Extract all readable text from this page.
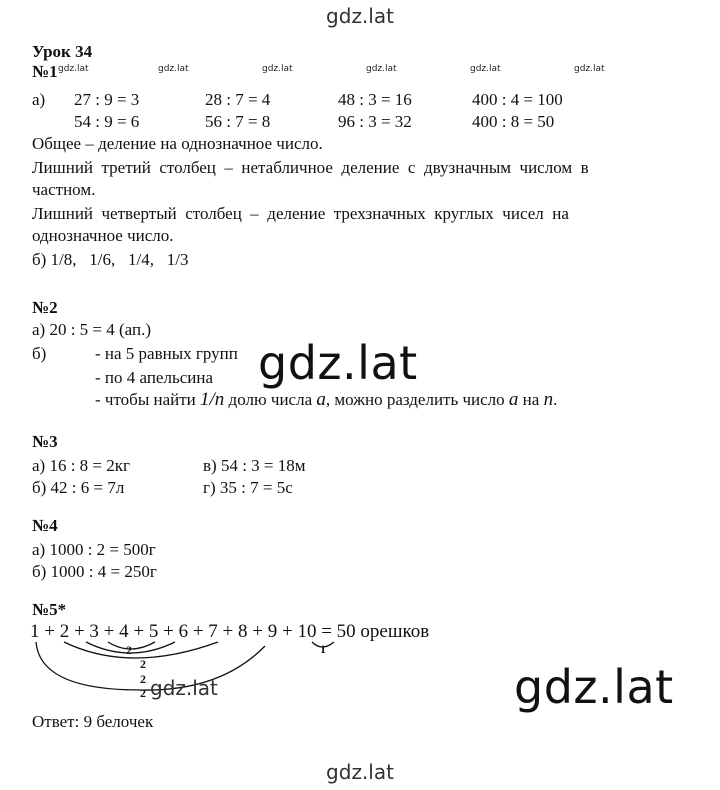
gdz.lat
gdz.lat	gdz.lat	gdz.lat	gdz.lat	gdz.lat	gdz.lat
Урок 34
№1
а) 27 : 9 = 3	28 : 7 = 4	48 : 3 = 16	400 : 4 = 100
54 : 9 = 6	56 : 7 = 8	96 : 3 = 32	400 : 8 = 50
Общее – деление на однозначное число.
Лишний  третий  столбец  –  нетабличное  деление  с  двузначным  числом  в
частном.
Лишний  четвертый  столбец  –  деление  трехзначных  круглых  чисел  на
однозначное число.
б) 1/8,   1/6,   1/4,   1/3
№2
а) 20 : 5 = 4 (ап.)
б)	- на 5 равных групп
- по 4 апельсина
- чтобы найти 1/n долю числа а, можно разделить число а на n.
gdz.lat
№3
а) 16 : 8 = 2кг	в) 54 : 3 = 18м
б) 42 : 6 = 7л	г) 35 : 7 = 5с
№4
а) 1000 : 2 = 500г
б) 1000 : 4 = 250г
№5*
1 + 2 + 3 + 4 + 5 + 6 + 7 + 8 + 9 + 10 = 50 орешков
2
2
2
2
1
gdz.lat
Ответ: 9 белочек
gdz.lat
gdz.lat
